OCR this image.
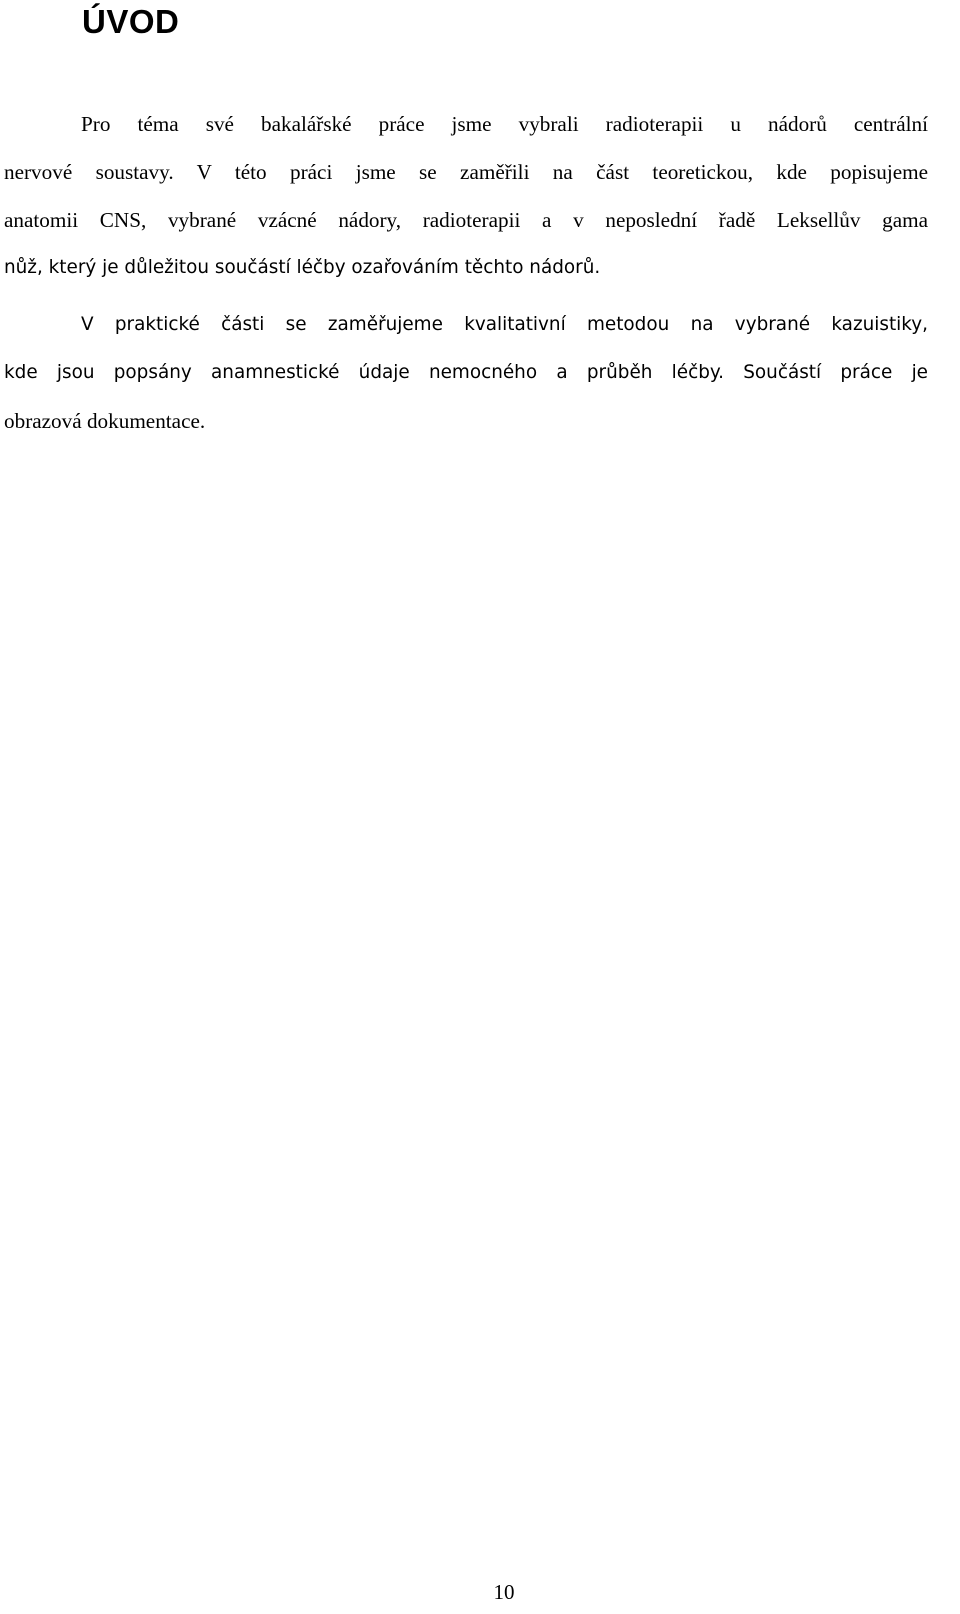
ÚVOD
Pro téma své bakalářské práce jsme vybrali radioterapii u nádorů centrální
nervové soustavy. V této práci jsme se zaměřili na část teoretickou, kde popisujeme
anatomii CNS, vybrané vzácné nádory, radioterapii a v neposlední řadě Leksellův gama
nůž, který je důležitou součástí léčby ozařováním těchto nádorů.
V praktické části se zaměřujeme kvalitativní metodou na vybrané kazuistiky,
kde jsou popsány anamnestické údaje nemocného a průběh léčby. Součástí práce je
obrazová dokumentace.
10
